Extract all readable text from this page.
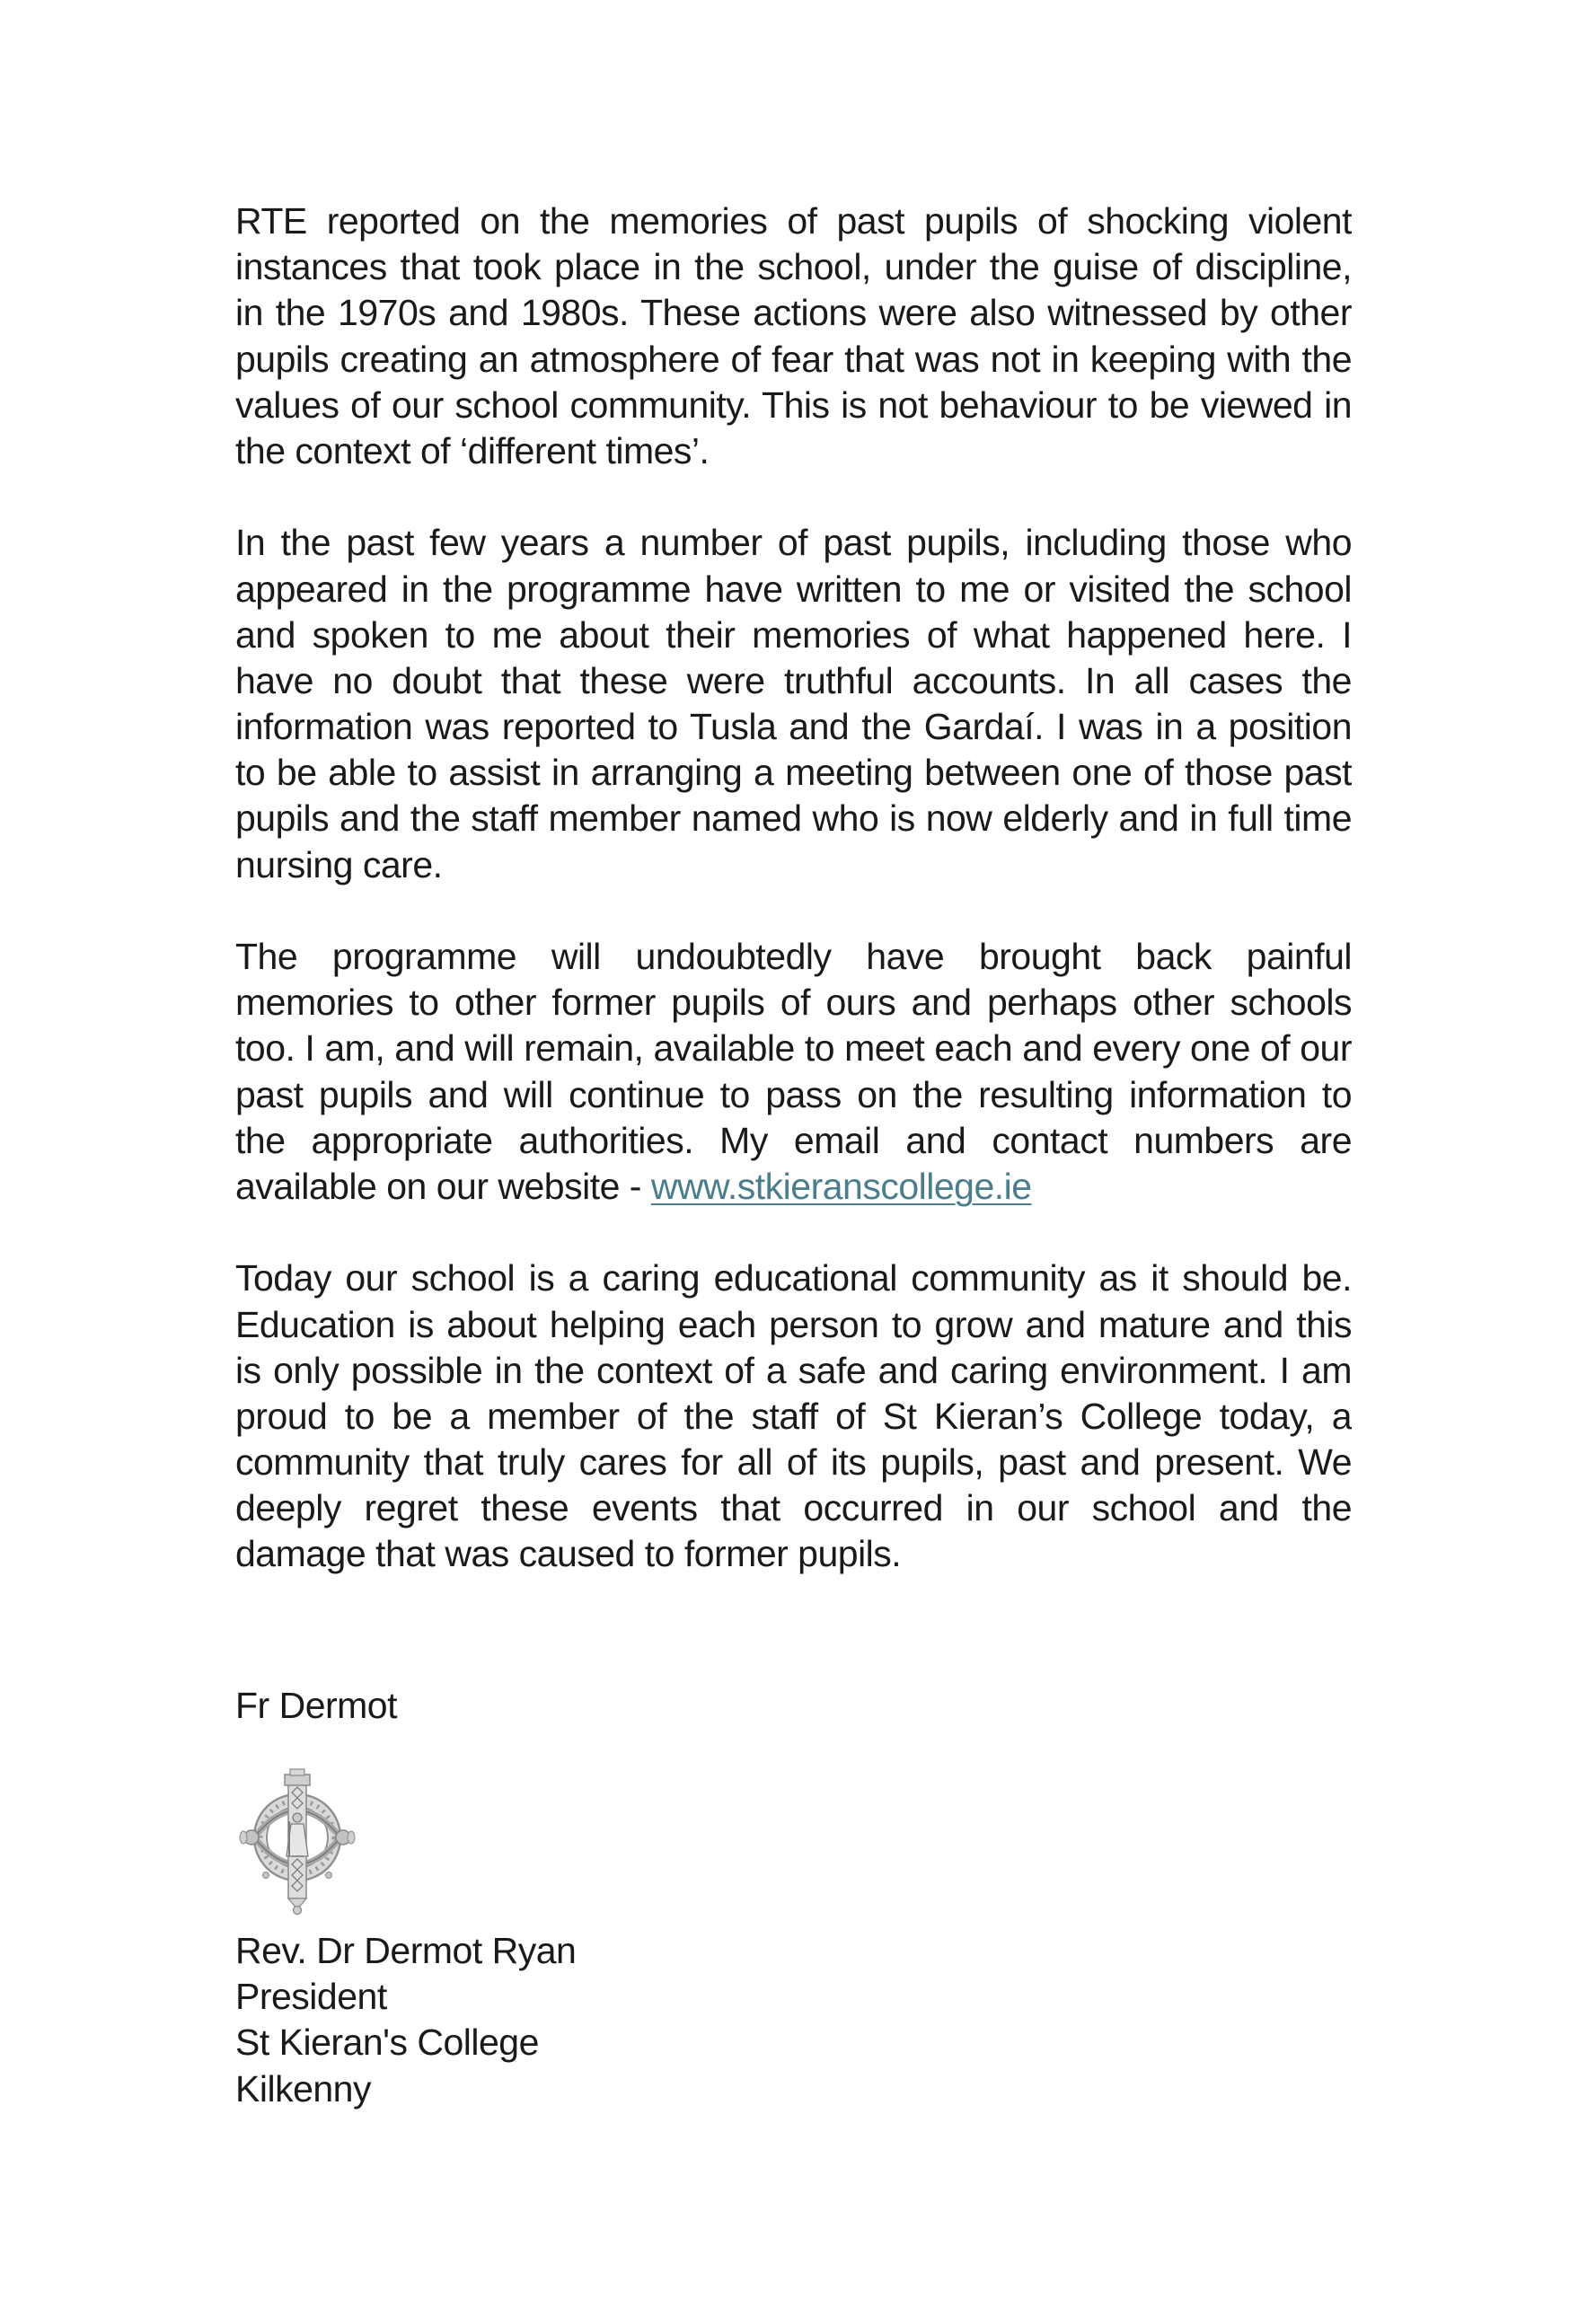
RTE reported on the memories of past pupils of shocking violent
instances that took place in the school, under the guise of discipline,
in the 1970s and 1980s. These actions were also witnessed by other
pupils creating an atmosphere of fear that was not in keeping with the
values of our school community. This is not behaviour to be viewed in
the context of ‘different times’.
In the past few years a number of past pupils, including those who
appeared in the programme have written to me or visited the school
and spoken to me about their memories of what happened here. I
have no doubt that these were truthful accounts. In all cases the
information was reported to Tusla and the Gardaí. I was in a position
to be able to assist in arranging a meeting between one of those past
pupils and the staff member named who is now elderly and in full time
nursing care.
The programme will undoubtedly have brought back painful
memories to other former pupils of ours and perhaps other schools
too. I am, and will remain, available to meet each and every one of our
past pupils and will continue to pass on the resulting information to
the appropriate authorities. My email and contact numbers are
available on our website - www.stkieranscollege.ie
Today our school is a caring educational community as it should be.
Education is about helping each person to grow and mature and this
is only possible in the context of a safe and caring environment. I am
proud to be a member of the staff of St Kieran’s College today, a
community that truly cares for all of its pupils, past and present. We
deeply regret these events that occurred in our school and the
damage that was caused to former pupils.
Fr Dermot
Rev. Dr Dermot Ryan
President
St Kieran's College
Kilkenny
